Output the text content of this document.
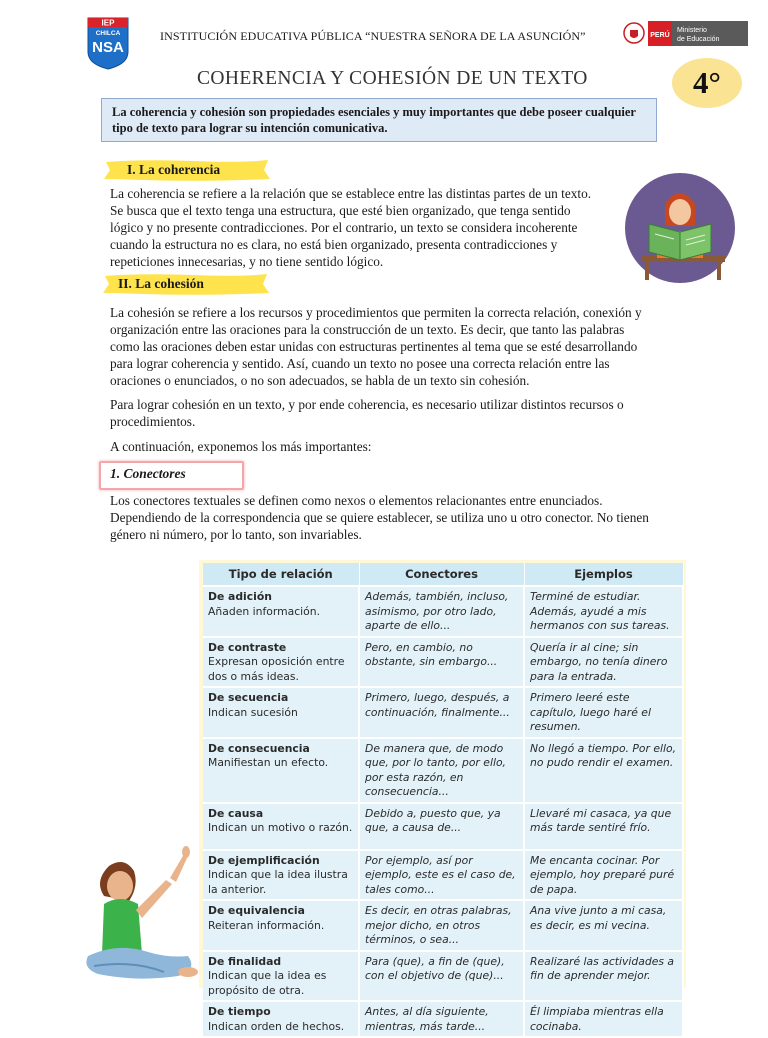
IEP
CHILCA
NSA
INSTITUCIÓN EDUCATIVA PÚBLICA “NUESTRA SEÑORA DE LA ASUNCIÓN”	PERÚ
Ministerio
de Educación
COHERENCIA Y COHESIÓN DE UN TEXTO	4°
La coherencia y cohesión son propiedades esenciales y muy importantes que debe poseer cualquier tipo de texto para lograr su intención comunicativa.
I. La coherencia
La coherencia se refiere a la relación que se establece entre las distintas partes de un texto. Se busca que el texto tenga una estructura, que esté bien organizado, que tenga sentido lógico y no presente contradicciones. Por el contrario, un texto se considera incoherente cuando la estructura no es clara, no está bien organizado, presenta contradicciones y repeticiones innecesarias, y no tiene sentido lógico.
II. La cohesión
La cohesión se refiere a los recursos y procedimientos que permiten la correcta relación, conexión y organización entre las oraciones para la construcción de un texto. Es decir, que tanto las palabras como las oraciones deben estar unidas con estructuras pertinentes al tema que se esté desarrollando para lograr coherencia y sentido. Así, cuando un texto no posee una correcta relación entre las oraciones o enunciados, o no son adecuados, se habla de un texto sin cohesión.
Para lograr cohesión en un texto, y por ende coherencia, es necesario utilizar distintos recursos o procedimientos.
A continuación, exponemos los más importantes:
1. Conectores
Los conectores textuales se definen como nexos o elementos relacionantes entre enunciados. Dependiendo de la correspondencia que se quiere establecer, se utiliza uno u otro conector. No tienen género ni número, por lo tanto, son invariables.
Tipo de relación	Conectores	Ejemplos

De adición
Añaden información.	Además, también, incluso, asimismo, por otro lado, aparte de ello...	Terminé de estudiar. Además, ayudé a mis hermanos con sus tareas.

De contraste
Expresan oposición entre dos o más ideas.	Pero, en cambio, no obstante, sin embargo...	Quería ir al cine; sin embargo, no tenía dinero para la entrada.

De secuencia
Indican sucesión	Primero, luego, después, a continuación, finalmente...	Primero leeré este capítulo, luego haré el resumen.

De consecuencia
Manifiestan un efecto.	De manera que, de modo que, por lo tanto, por ello, por esta razón, en consecuencia...	No llegó a tiempo. Por ello, no pudo rendir el examen.

De causa
Indican un motivo o razón.	Debido a, puesto que, ya que, a causa de...	Llevaré mi casaca, ya que más tarde sentiré frío.

De ejemplificación
Indican que la idea ilustra la anterior.	Por ejemplo, así por ejemplo, este es el caso de, tales como...	Me encanta cocinar. Por ejemplo, hoy preparé puré de papa.

De equivalencia
Reiteran información.	Es decir, en otras palabras, mejor dicho, en otros términos, o sea...	Ana vive junto a mi casa, es decir, es mi vecina.

De finalidad
Indican que la idea es propósito de otra.	Para (que), a fin de (que), con el objetivo de (que)...	Realizaré las actividades a fin de aprender mejor.

De tiempo
Indican orden de hechos.	Antes, al día siguiente, mientras, más tarde...	Él limpiaba mientras ella cocinaba.
